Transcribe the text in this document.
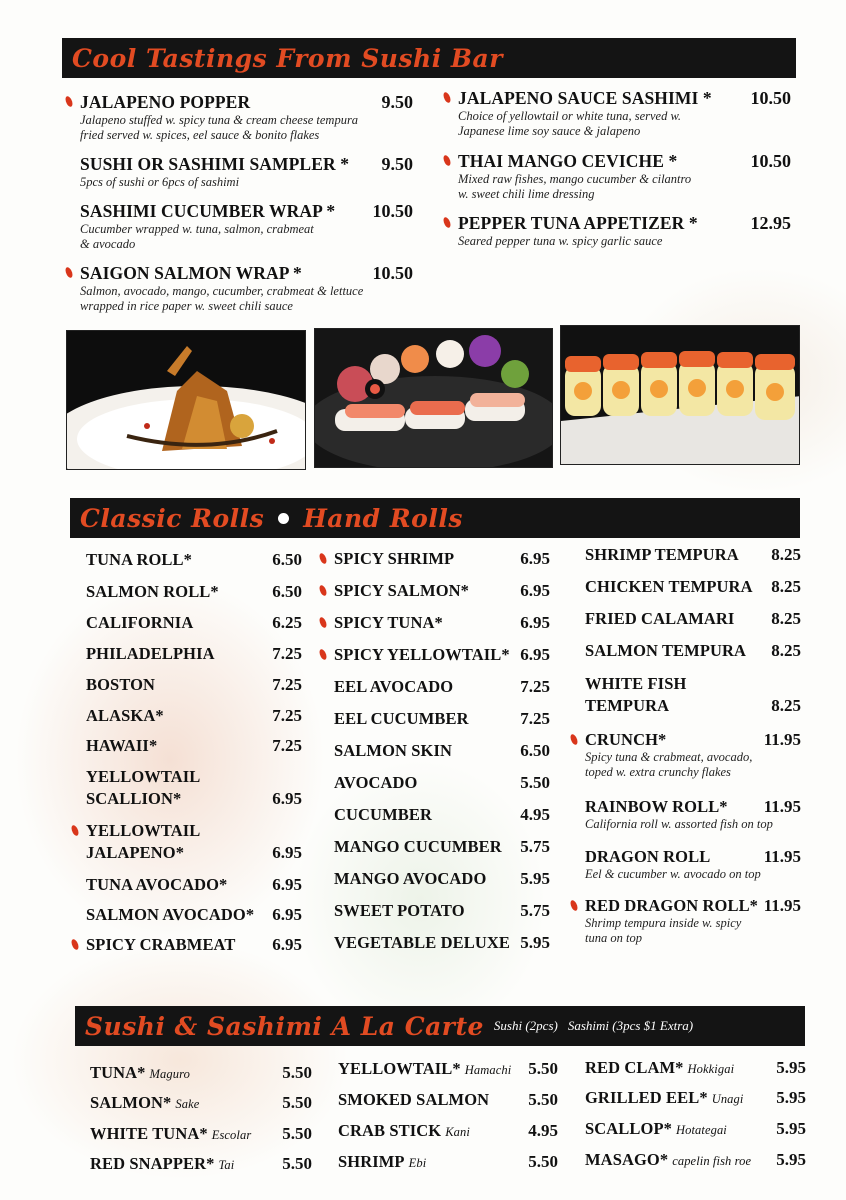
Cool Tastings From Sushi Bar
JALAPENO POPPER	9.50
Jalapeno stuffed w. spicy tuna & cream cheese tempura
fried served w. spices, eel sauce & bonito flakes
SUSHI OR SASHIMI SAMPLER * 9.50
5pcs of sushi or 6pcs of sashimi
SASHIMI CUCUMBER WRAP * 10.50
Cucumber wrapped w. tuna, salmon, crabmeat
& avocado
SAIGON SALMON WRAP *	10.50
Salmon, avocado, mango, cucumber, crabmeat & lettuce
wrapped in rice paper w. sweet chili sauce
JALAPENO SAUCE SASHIMI * 10.50
Choice of yellowtail or white tuna, served w.
Japanese lime soy sauce & jalapeno
THAI MANGO CEVICHE *	10.50
Mixed raw fishes, mango cucumber & cilantro
w. sweet chili lime dressing
PEPPER TUNA APPETIZER *	12.95
Seared pepper tuna w. spicy garlic sauce
Classic Rolls Hand Rolls
TUNA ROLL*	6.50
SALMON ROLL*	6.50
CALIFORNIA	6.25
PHILADELPHIA	7.25
BOSTON	7.25
ALASKA*	7.25
HAWAII*	7.25
YELLOWTAIL
SCALLION*	6.95
YELLOWTAIL
JALAPENO*	6.95
TUNA AVOCADO*	6.95
SALMON AVOCADO* 6.95
SPICY CRABMEAT 6.95
SPICY SHRIMP	6.95
SPICY SALMON*	6.95
SPICY TUNA*	6.95
SPICY YELLOWTAIL* 6.95
EEL AVOCADO	7.25
EEL CUCUMBER	7.25
SALMON SKIN	6.50
AVOCADO	5.50
CUCUMBER	4.95
MANGO CUCUMBER 5.75
MANGO AVOCADO 5.95
SWEET POTATO	5.75
VEGETABLE DELUXE 5.95
SHRIMP TEMPURA 8.25
CHICKEN TEMPURA 8.25
FRIED CALAMARI 8.25
SALMON TEMPURA 8.25
WHITE FISH
TEMPURA	8.25
CRUNCH*	11.95
Spicy tuna & crabmeat, avocado,
toped w. extra crunchy flakes
RAINBOW ROLL* 11.95
California roll w. assorted fish on top
DRAGON ROLL	11.95
Eel & cucumber w. avocado on top
RED DRAGON ROLL* 11.95
Shrimp tempura inside w. spicy
tuna on top
Sushi & Sashimi A La Carte Sushi (2pcs) Sashimi (3pcs $1 Extra)
TUNA* Maguro	5.50
SALMON* Sake	5.50
WHITE TUNA* Escolar 5.50
RED SNAPPER* Tai	5.50
YELLOWTAIL* Hamachi 5.50
SMOKED SALMON 5.50
CRAB STICK Kani	4.95
SHRIMP Ebi	5.50
RED CLAM* Hokkigai 5.95
GRILLED EEL* Unagi 5.95
SCALLOP* Hotategai	5.95
MASAGO* capelin fish roe 5.95
